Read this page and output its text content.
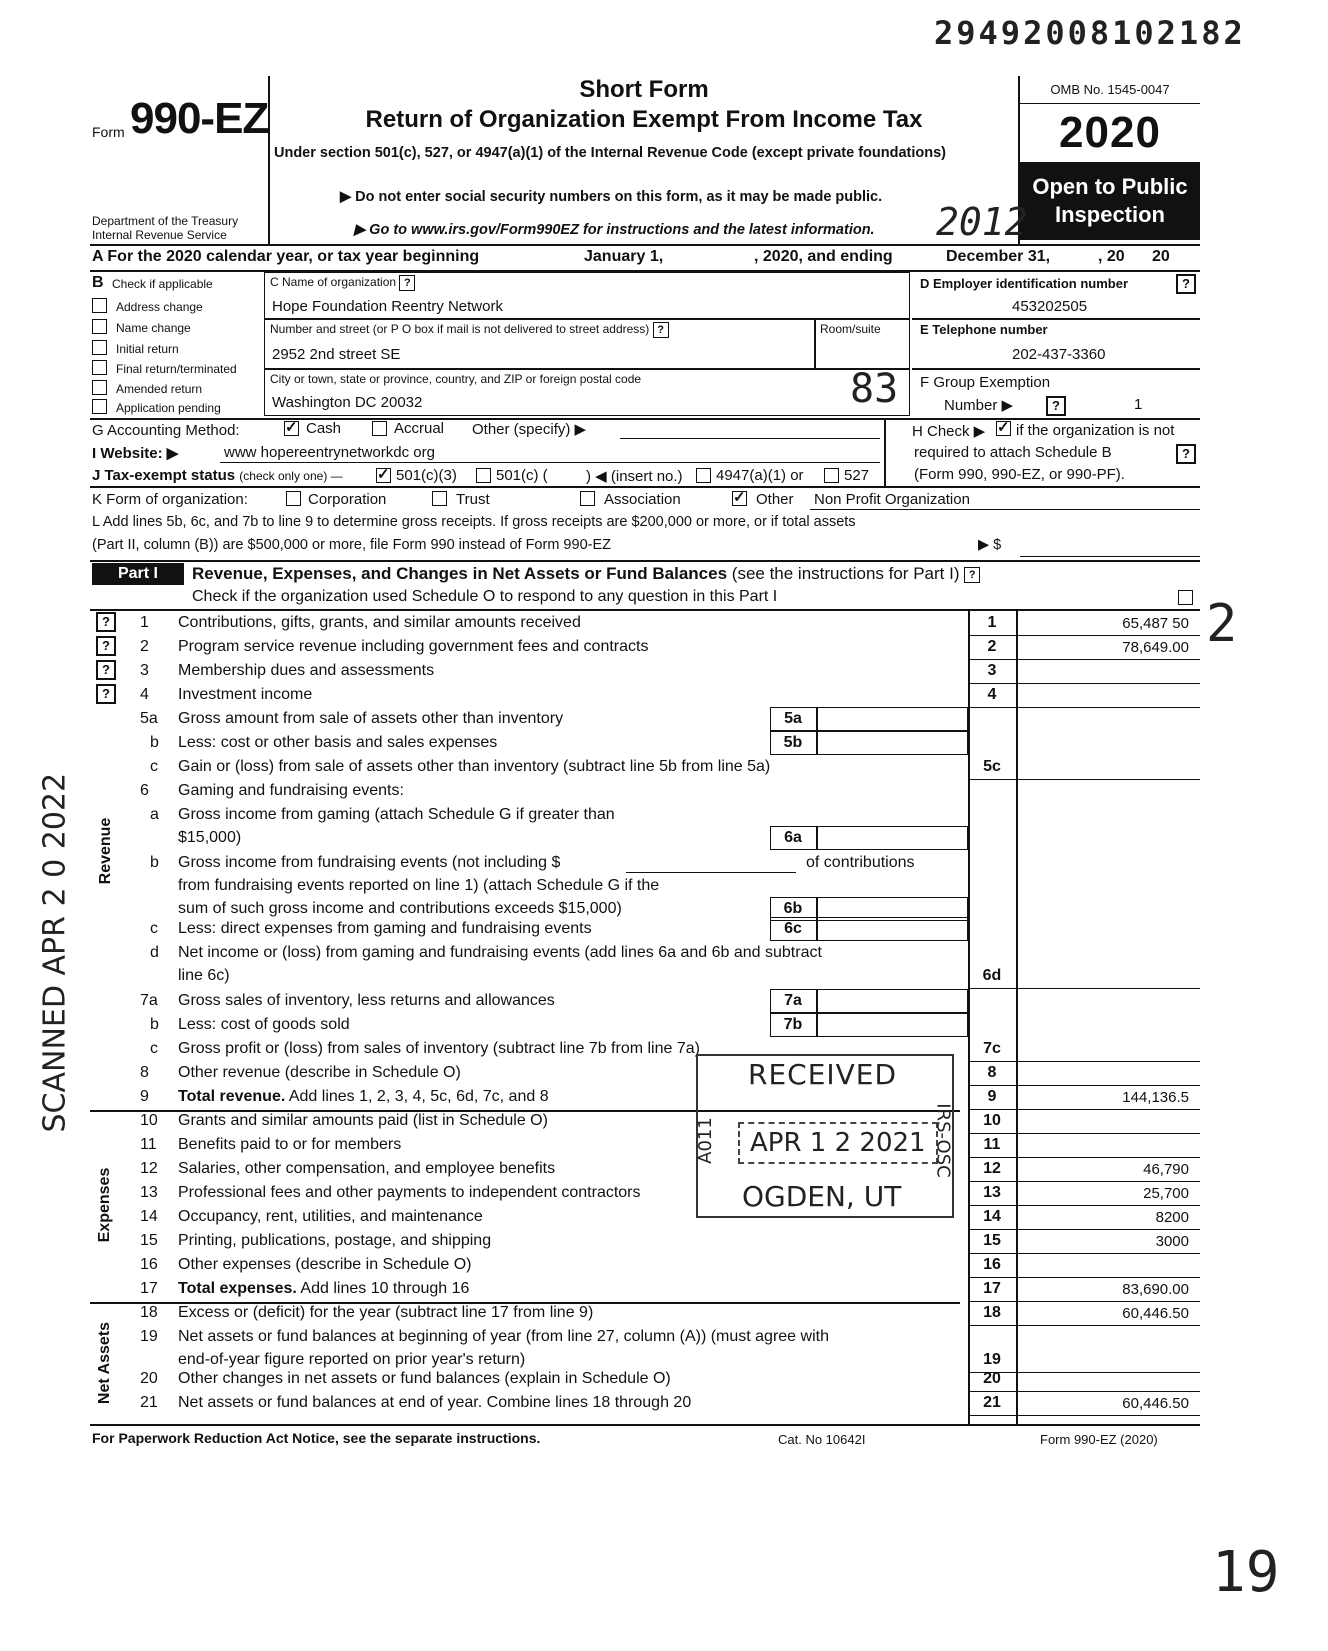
29492008102182
Form 990-EZ
Department of the Treasury
Internal Revenue Service
Short Form
Return of Organization Exempt From Income Tax
Under section 501(c), 527, or 4947(a)(1) of the Internal Revenue Code (except private foundations)
▶ Do not enter social security numbers on this form, as it may be made public.
▶ Go to www.irs.gov/Form990EZ for instructions and the latest information.
OMB No. 1545-0047
2020
Open to Public
Inspection
A For the 2020 calendar year, or tax year beginning	January 1,	, 2020, and ending	December 31,	, 20 20
B Check if applicable
Address change
Name change
Initial return
Final return/terminated
Amended return
Application pending
C Name of organization ?
Hope Foundation Reentry Network
Number and street (or P O box if mail is not delivered to street address) ?	Room/suite
2952 2nd street SE
City or town, state or province, country, and ZIP or foreign postal code
Washington DC 20032
D Employer identification number	?
453202505
E Telephone number
202-437-3360
F Group Exemption
Number ▶	?	1
G Accounting Method: ✓	Cash	Accrual Other (specify) ▶	H Check ▶ ✓ if the organization is not
required to attach Schedule B	?
(Form 990, 990-EZ, or 990-PF).
I Website: ▶	www hopereentrynetworkdc org
J Tax-exempt status (check only one) — ✓	501(c)(3)	501(c) (	) ◀ (insert no.) 4947(a)(1) or	527
K Form of organization:	Corporation	Trust	Association ✓	Other Non Profit Organization
L Add lines 5b, 6c, and 7b to line 9 to determine gross receipts. If gross receipts are $200,000 or more, or if total assets
(Part II, column (B)) are $500,000 or more, file Form 990 instead of Form 990-EZ	▶ $
Part I	Revenue, Expenses, and Changes in Net Assets or Fund Balances (see the instructions for Part I) ?
Check if the organization used Schedule O to respond to any question in this Part I
Revenue
Expenses
Net Assets
?
?
?
?
1 Contributions, gifts, grants, and similar amounts received	1	65,487 50
2 Program service revenue including government fees and contracts	2	78,649.00
3 Membership dues and assessments	3
4 Investment income	4
5a Gross amount from sale of assets other than inventory	5a
b Less: cost or other basis and sales expenses	5b
c Gain or (loss) from sale of assets other than inventory (subtract line 5b from line 5a)	5c
6 Gaming and fundraising events:
a Gross income from gaming (attach Schedule G if greater than
$15,000)	6a
b Gross income from fundraising events (not including $	of contributions
from fundraising events reported on line 1) (attach Schedule G if the
sum of such gross income and contributions exceeds $15,000)	6b
c Less: direct expenses from gaming and fundraising events	6c
d Net income or (loss) from gaming and fundraising events (add lines 6a and 6b and subtract
line 6c)	6d
7a Gross sales of inventory, less returns and allowances	7a
b Less: cost of goods sold	7b
c Gross profit or (loss) from sales of inventory (subtract line 7b from line 7a)	7c
8 Other revenue (describe in Schedule O)	8
9 Total revenue. Add lines 1, 2, 3, 4, 5c, 6d, 7c, and 8	9	144,136.5
10 Grants and similar amounts paid (list in Schedule O)	10
11 Benefits paid to or for members	11
12 Salaries, other compensation, and employee benefits	12	46,790
13 Professional fees and other payments to independent contractors	13	25,700
14 Occupancy, rent, utilities, and maintenance	14	8200
15 Printing, publications, postage, and shipping	15	3000
16 Other expenses (describe in Schedule O)	16
17 Total expenses. Add lines 10 through 16	17	83,690.00
18 Excess or (deficit) for the year (subtract line 17 from line 9)	18	60,446.50
19 Net assets or fund balances at beginning of year (from line 27, column (A)) (must agree with
end-of-year figure reported on prior year's return)	19
20 Other changes in net assets or fund balances (explain in Schedule O)	20
21 Net assets or fund balances at end of year. Combine lines 18 through 20	21	60,446.50
For Paperwork Reduction Act Notice, see the separate instructions.	Cat. No 10642I	Form 990-EZ (2020)
RECEIVED
APR 1 2 2021
OGDEN, UT
A011	IRS-OSC
SCANNED APR 2 0 2022
2012
83
2
19
